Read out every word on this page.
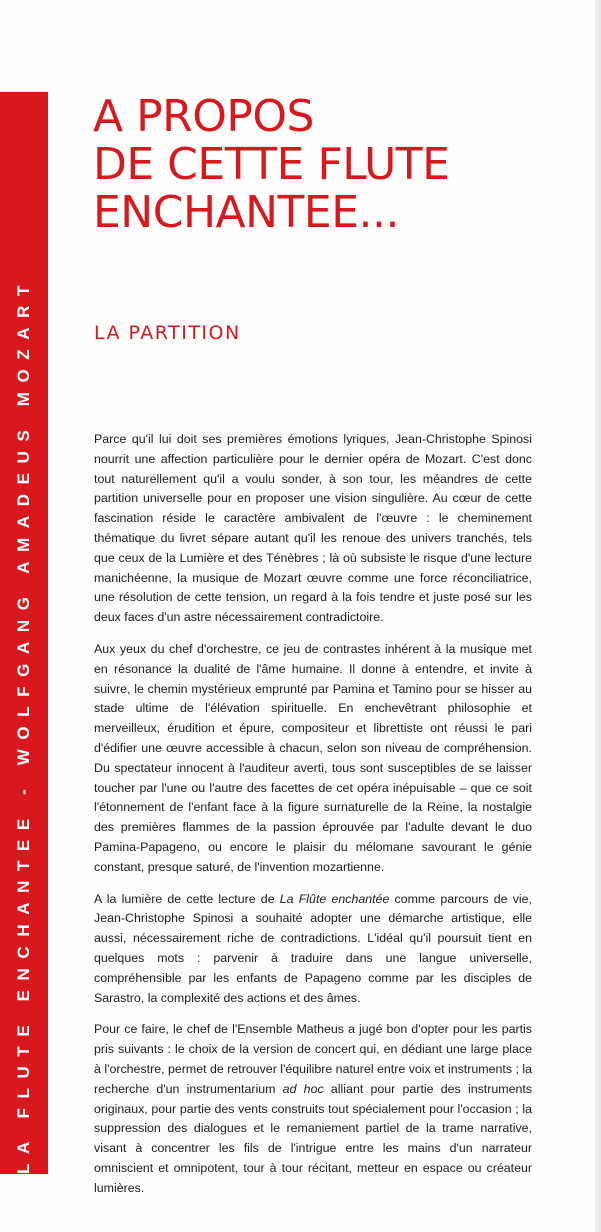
LA FLUTE ENCHANTEE - WOLFGANG AMADEUS MOZART
A PROPOS
DE CETTE FLUTE
ENCHANTEE...
LA PARTITION

Parce qu'il lui doit ses premières émotions lyriques, Jean-Christophe Spinosi nourrit une affection particulière pour le dernier opéra de Mozart. C'est donc tout naturellement qu'il a voulu sonder, à son tour, les méandres de cette partition universelle pour en proposer une vision singulière. Au cœur de cette fascination réside le caractère ambivalent de l'œuvre : le cheminement thématique du livret sépare autant qu'il les renoue des univers tranchés, tels que ceux de la Lumière et des Ténèbres ; là où subsiste le risque d'une lecture manichéenne, la musique de Mozart œuvre comme une force réconciliatrice, une résolution de cette tension, un regard à la fois tendre et juste posé sur les deux faces d'un astre nécessairement contradictoire.

Aux yeux du chef d'orchestre, ce jeu de contrastes inhérent à la musique met en résonance la dualité de l'âme humaine. Il donne à entendre, et invite à suivre, le chemin mystérieux emprunté par Pamina et Tamino pour se hisser au stade ultime de l'élévation spirituelle. En enchevêtrant philosophie et merveilleux, érudition et épure, compositeur et librettiste ont réussi le pari d'édifier une œuvre accessible à chacun, selon son niveau de compréhension. Du spectateur innocent à l'auditeur averti, tous sont susceptibles de se laisser toucher par l'une ou l'autre des facettes de cet opéra inépuisable – que ce soit l'étonnement de l'enfant face à la figure surnaturelle de la Reine, la nostalgie des premières flammes de la passion éprouvée par l'adulte devant le duo Pamina-Papageno, ou encore le plaisir du mélomane savourant le génie constant, presque saturé, de l'invention mozartienne.

A la lumière de cette lecture de La Flûte enchantée comme parcours de vie, Jean-Christophe Spinosi a souhaité adopter une démarche artistique, elle aussi, nécessairement riche de contradictions. L'idéal qu'il poursuit tient en quelques mots : parvenir à traduire dans une langue universelle, compréhensible par les enfants de Papageno comme par les disciples de Sarastro, la complexité des actions et des âmes.

Pour ce faire, le chef de l'Ensemble Matheus a jugé bon d'opter pour les partis pris suivants : le choix de la version de concert qui, en dédiant une large place à l'orchestre, permet de retrouver l'équilibre naturel entre voix et instruments ; la recherche d'un instrumentarium ad hoc alliant pour partie des instruments originaux, pour partie des vents construits tout spécialement pour l'occasion ; la suppression des dialogues et le remaniement partiel de la trame narrative, visant à concentrer les fils de l'intrigue entre les mains d'un narrateur omniscient et omnipotent, tour à tour récitant, metteur en espace ou créateur lumières.
